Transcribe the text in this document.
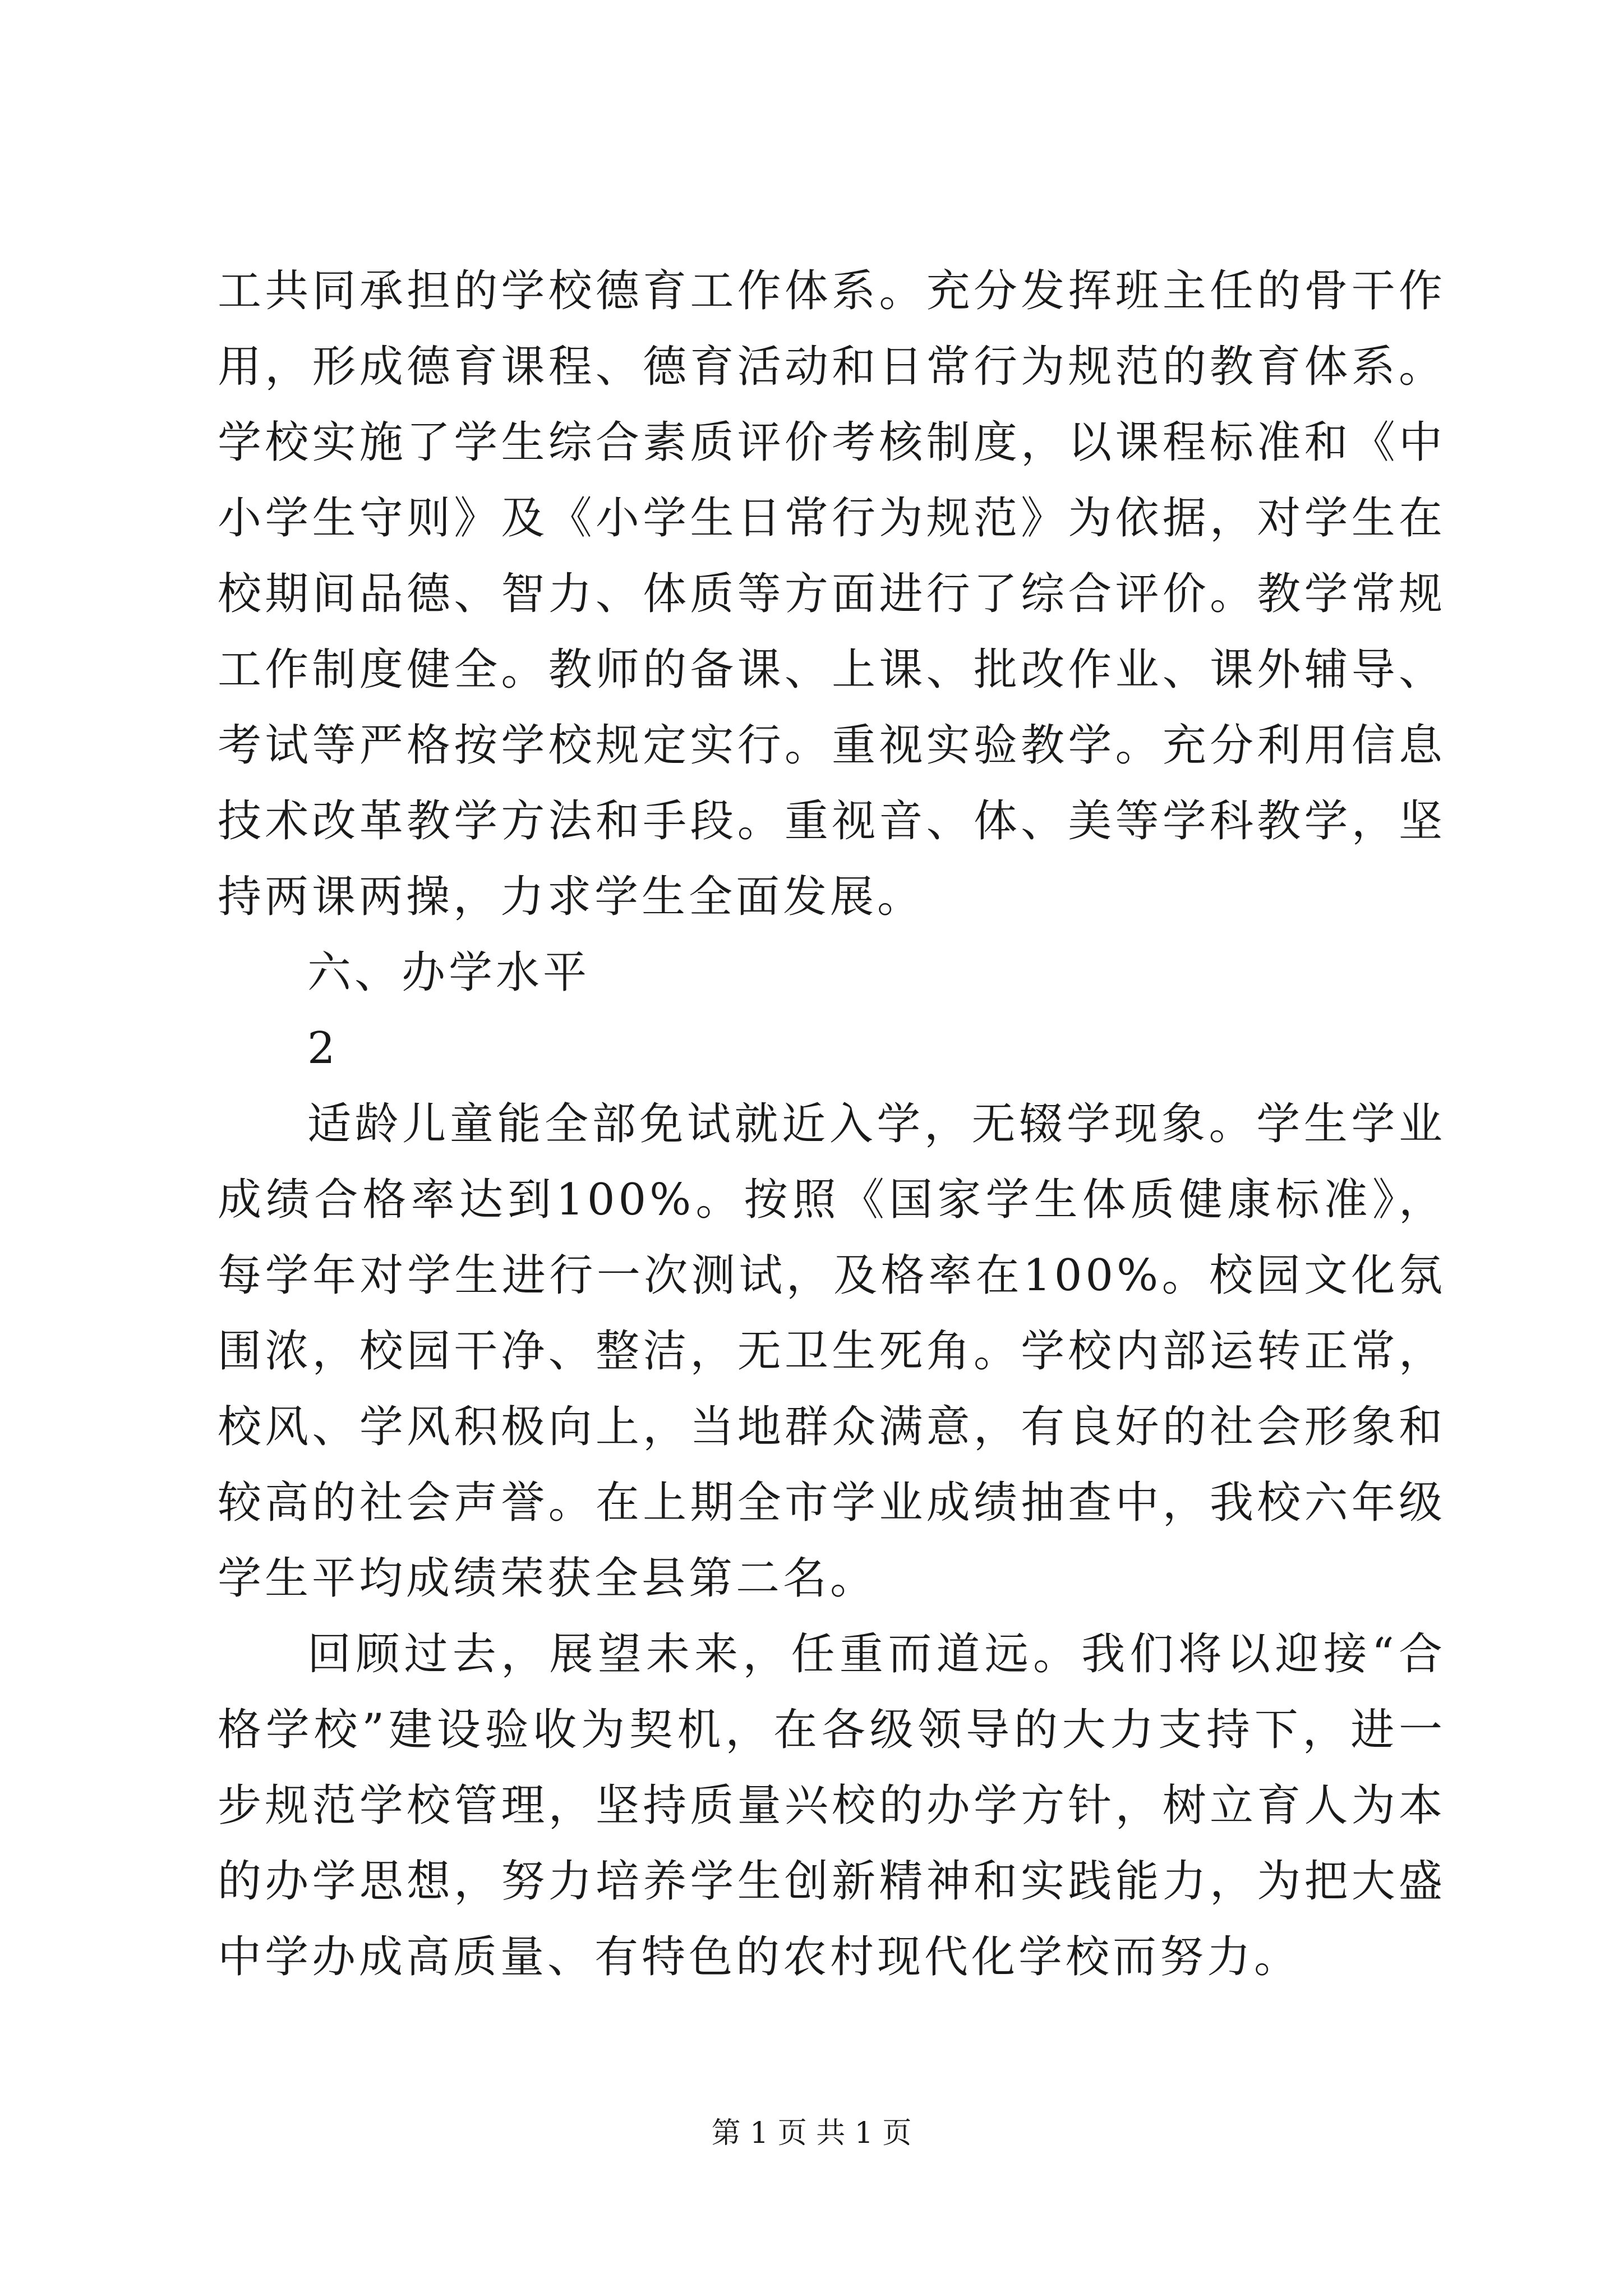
工共同承担的学校德育工作体系。充分发挥班主任的骨干作用，形成德育课程、德育活动和日常行为规范的教育体系。学校实施了学生综合素质评价考核制度，以课程标准和《中小学生守则》及《小学生日常行为规范》为依据，对学生在校期间品德、智力、体质等方面进行了综合评价。教学常规工作制度健全。教师的备课、上课、批改作业、课外辅导、考试等严格按学校规定实行。重视实验教学。充分利用信息技术改革教学方法和手段。重视音、体、美等学科教学，坚持两课两操，力求学生全面发展。

六、办学水平

2

适龄儿童能全部免试就近入学，无辍学现象。学生学业成绩合格率达到100%。按照《国家学生体质健康标准》，每学年对学生进行一次测试，及格率在100%。校园文化氛围浓，校园干净、整洁，无卫生死角。学校内部运转正常，校风、学风积极向上，当地群众满意，有良好的社会形象和较高的社会声誉。在上期全市学业成绩抽查中，我校六年级学生平均成绩荣获全县第二名。

回顾过去，展望未来，任重而道远。我们将以迎接“合格学校”建设验收为契机，在各级领导的大力支持下，进一步规范学校管理，坚持质量兴校的办学方针，树立育人为本的办学思想，努力培养学生创新精神和实践能力，为把大盛中学办成高质量、有特色的农村现代化学校而努力。

第 1 页 共 1 页
